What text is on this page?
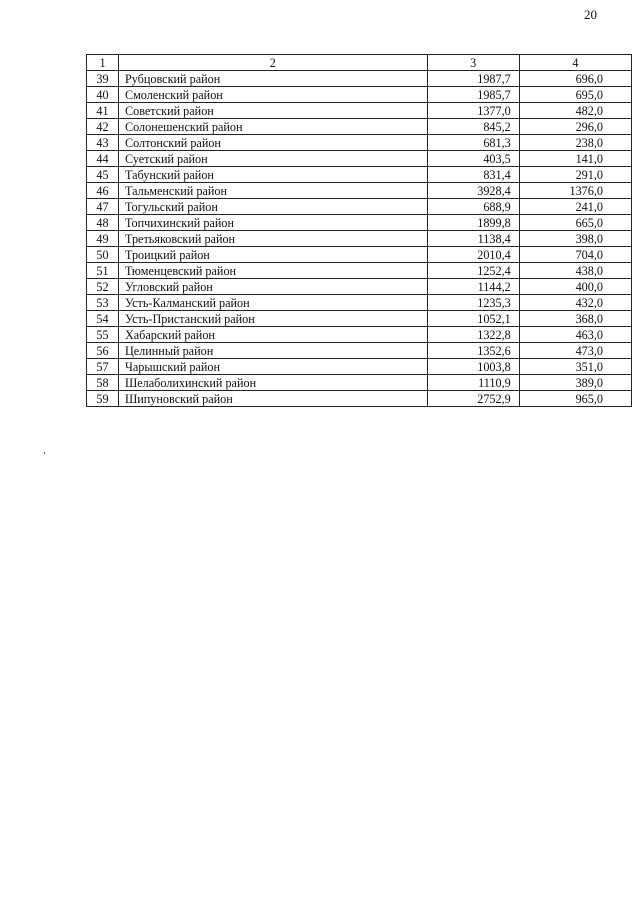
20
1	2	3	4
39	Рубцовский район	1987,7	696,0
40	Смоленский район	1985,7	695,0
41	Советский район	1377,0	482,0
42	Солонешенский район	845,2	296,0
43	Солтонский район	681,3	238,0
44	Суетский район	403,5	141,0
45	Табунский район	831,4	291,0
46	Тальменский район	3928,4	1376,0
47	Тогульский район	688,9	241,0
48	Топчихинский район	1899,8	665,0
49	Третьяковский район	1138,4	398,0
50	Троицкий район	2010,4	704,0
51	Тюменцевский район	1252,4	438,0
52	Угловский район	1144,2	400,0
53	Усть-Калманский район	1235,3	432,0
54	Усть-Пристанский район	1052,1	368,0
55	Хабарский район	1322,8	463,0
56	Целинный район	1352,6	473,0
57	Чарышский район	1003,8	351,0
58	Шелаболихинский район	1110,9	389,0
59	Шипуновский район	2752,9	965,0
